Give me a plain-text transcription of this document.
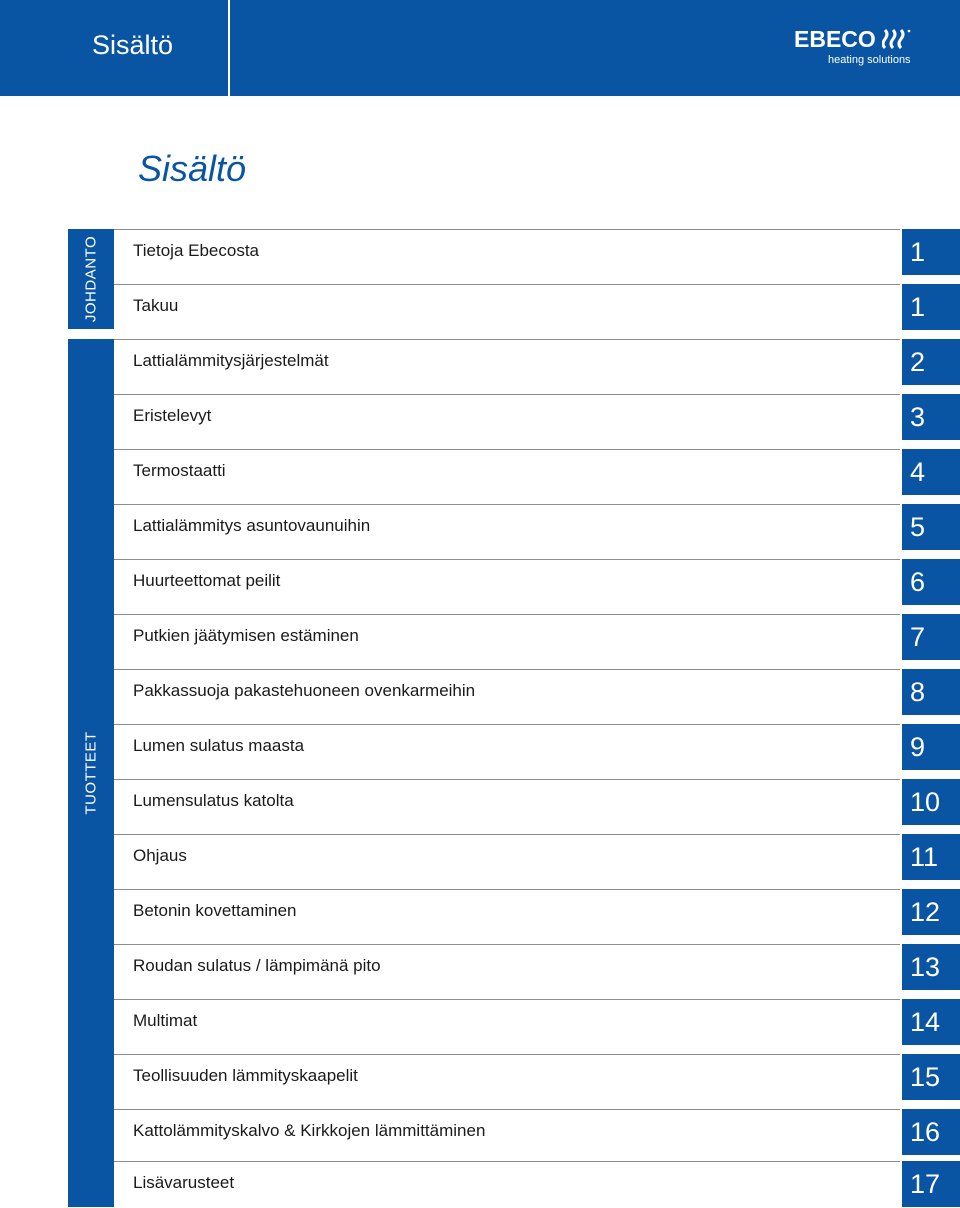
Sisältö	EBECO
heating solutions
Sisältö
JOHDANTO
TUOTTEET
Tietoja Ebecosta	1
Takuu	1
Lattialämmitysjärjestelmät	2
Eristelevyt	3
Termostaatti	4
Lattialämmitys asuntovaunuihin	5
Huurteettomat peilit	6
Putkien jäätymisen estäminen	7
Pakkassuoja pakastehuoneen ovenkarmeihin	8
Lumen sulatus maasta	9
Lumensulatus katolta	10
Ohjaus	11
Betonin kovettaminen	12
Roudan sulatus / lämpimänä pito	13
Multimat	14
Teollisuuden lämmityskaapelit	15
Kattolämmityskalvo & Kirkkojen lämmittäminen	16
Lisävarusteet	17
